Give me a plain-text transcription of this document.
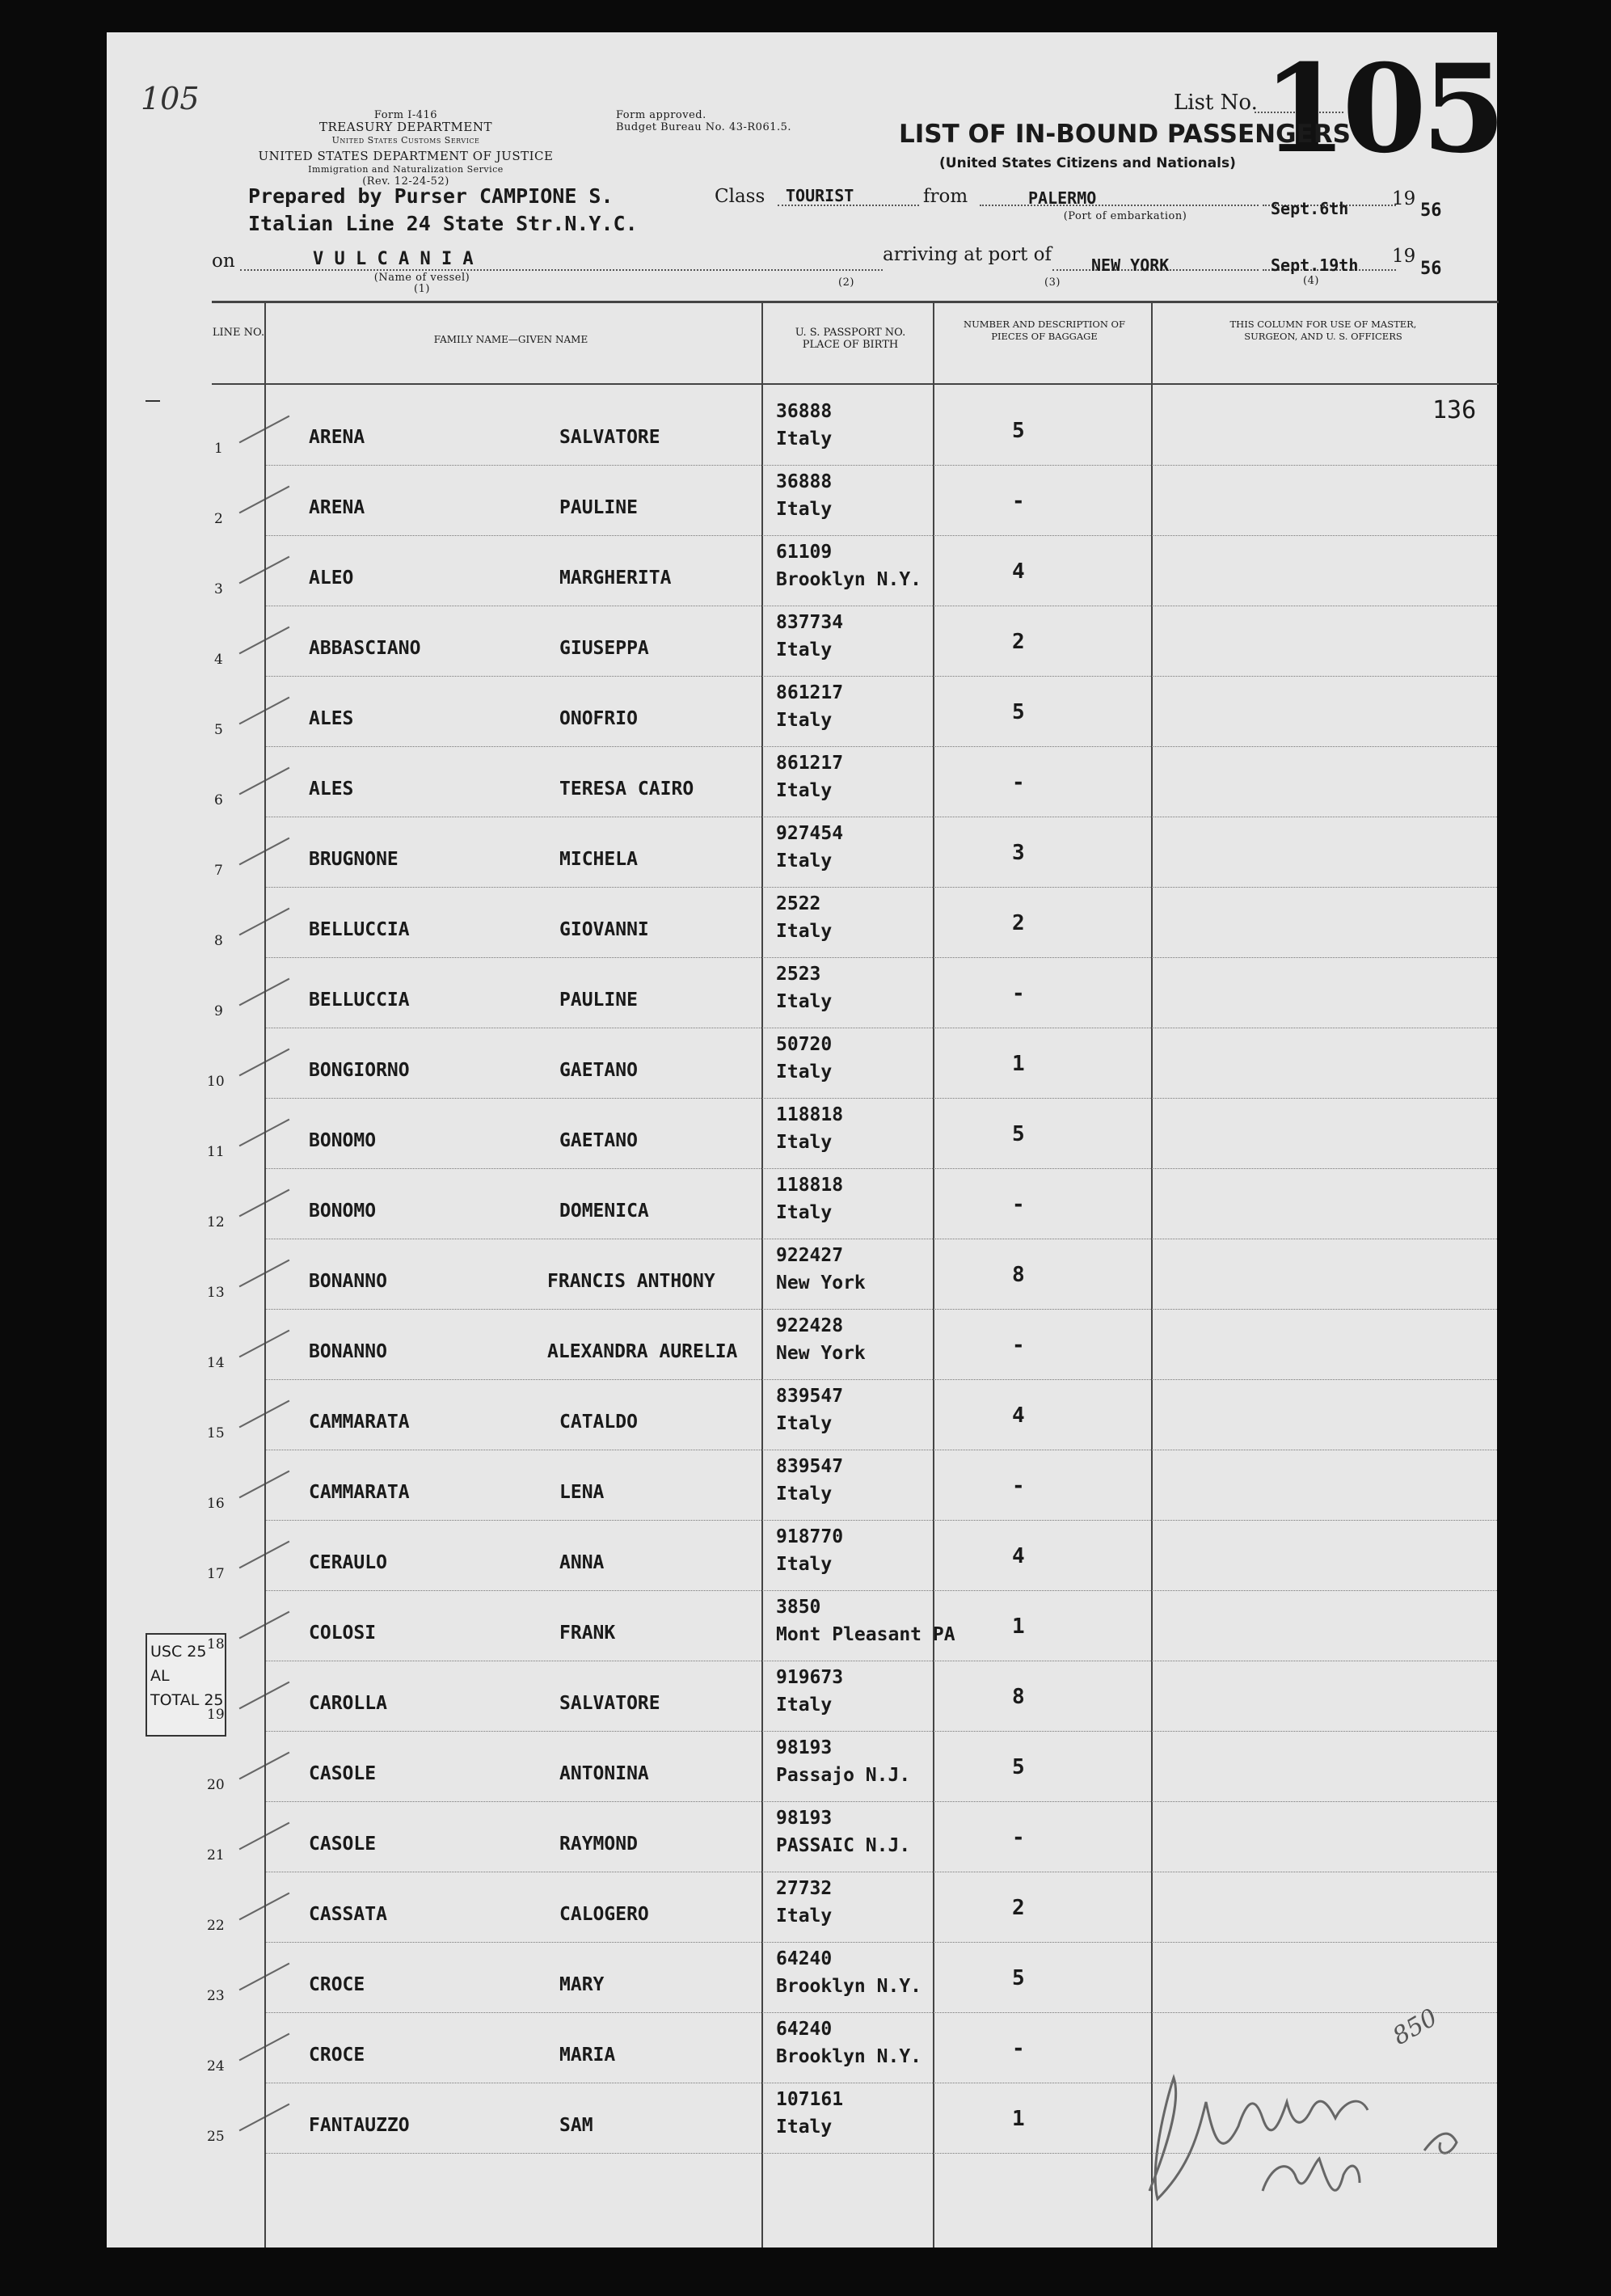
105	Form I-416
TREASURY DEPARTMENT
United States Customs Service
UNITED STATES DEPARTMENT OF JUSTICE
Immigration and Naturalization Service
(Rev. 12-24-52)
Form approved.
Budget Bureau No. 43-R061.5.
List No. 105
LIST OF IN-BOUND PASSENGERS
(United States Citizens and Nationals)
Prepared by Purser CAMPIONE S.
Italian Line 24 State Str.N.Y.C.
Class TOURIST	from	PALERMO
(Port of embarkation)	Sept.6th 19
56
on	V U L C A N I A
(Name of vessel)
(1)
arriving at port of
(2)
NEW YORK
(3)
Sept.19th
(4)
19
56
LINE NO.
FAMILY NAME—GIVEN NAME
U. S. PASSPORT NO. PLACE OF BIRTH
NUMBER AND DESCRIPTION OF PIECES OF BAGGAGE
THIS COLUMN FOR USE OF MASTER, SURGEON, AND U. S. OFFICERS
136
USC 25
AL
TOTAL 25
850
1
ARENA	SALVATORE
36888
Italy	5
2
ARENA	PAULINE
36888
Italy	-
3
ALEO	MARGHERITA
61109
Brooklyn N.Y.	4
4
ABBASCIANO	GIUSEPPA
837734
Italy	2
5
ALES	ONOFRIO
861217
Italy	5
6
ALES	TERESA CAIRO
861217
Italy	-
7
BRUGNONE	MICHELA
927454
Italy	3
8
BELLUCCIA	GIOVANNI
2522
Italy	2
9
BELLUCCIA	PAULINE
2523
Italy	-
10
BONGIORNO	GAETANO
50720
Italy	1
11
BONOMO	GAETANO
118818
Italy	5
12
BONOMO	DOMENICA
118818
Italy	-
13
BONANNO	FRANCIS ANTHONY
922427
New York	8
14
BONANNO	ALEXANDRA AURELIA
922428
New York	-
15
CAMMARATA	CATALDO
839547
Italy	4
16
CAMMARATA	LENA
839547
Italy	-
17
CERAULO	ANNA
918770
Italy	4
18
COLOSI	FRANK
3850
Mont Pleasant PA	1
19
CAROLLA	SALVATORE
919673
Italy	8
20
CASOLE	ANTONINA
98193
Passajo N.J.	5
21
CASOLE	RAYMOND
98193
PASSAIC N.J.	-
22
CASSATA	CALOGERO
27732
Italy	2
23
CROCE	MARY
64240
Brooklyn N.Y.	5
24
CROCE	MARIA
64240
Brooklyn N.Y.	-
25
FANTAUZZO	SAM
107161
Italy	1
